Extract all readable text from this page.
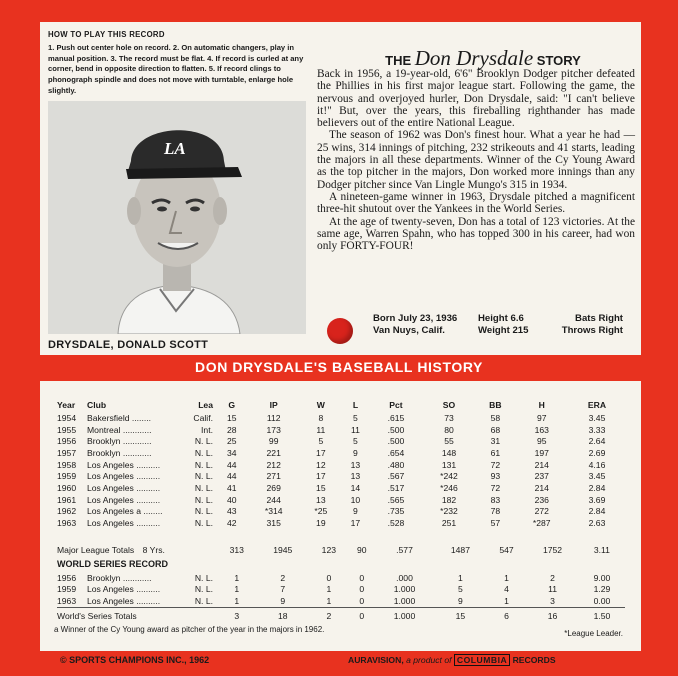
HOW TO PLAY THIS RECORD
1. Push out center hole on record. 2. On automatic changers, play in manual position. 3. The record must be flat. 4. If record is curled at any corner, bend in opposite direction to flatten. 5. If record clings to phonograph spindle and does not move with turntable, enlarge hole slightly.
LA
DRYSDALE, DONALD SCOTT
THE Don Drysdale STORY

Back in 1956, a 19-year-old, 6'6" Brooklyn Dodger pitcher defeated the Phillies in his first major league start. Following the game, the nervous and overjoyed hurler, Don Drysdale, said: "I can't believe it!" But, over the years, this fireballing righthander has made believers out of the entire National League.

The season of 1962 was Don's finest hour. What a year he had — 25 wins, 314 innings of pitching, 232 strikeouts and 41 starts, leading the majors in all these departments. Winner of the Cy Young Award as the top pitcher in the majors, Don worked more innings than any Dodger pitcher since Van Lingle Mungo's 315 in 1934.

A nineteen-game winner in 1963, Drysdale pitched a magnificent three-hit shutout over the Yankees in the World Series.

At the age of twenty-seven, Don has a total of 123 victories. At the same age, Warren Spahn, who has topped 300 in his career, had won only FORTY-FOUR!

Born July 23, 1936
Van Nuys, Calif.
Height 6.6
Weight 215
Bats Right
Throws Right
DON DRYSDALE'S BASEBALL HISTORY
Year	Club Lea	G	IP	W	L	Pct	SO	BB	H	ERA
1954	Bakersfield ........ Calif.	15	112	8	5	.615	73	58	97	3.45
1955	Montreal ............ Int.	28	173	11	11	.500	80	68	163	3.33
1956	Brooklyn ............ N. L.	25	99	5	5	.500	55	31	95	2.64
1957	Brooklyn ............ N. L.	34	221	17	9	.654	148	61	197	2.69
1958	Los Angeles .......... N. L.	44	212	12	13	.480	131	72	214	4.16
1959	Los Angeles .......... N. L.	44	271	17	13	.567	*242	93	237	3.45
1960	Los Angeles .......... N. L.	41	269	15	14	.517	*246	72	214	2.84
1961	Los Angeles .......... N. L.	40	244	13	10	.565	182	83	236	3.69
1962	Los Angeles a ........ N. L.	43	*314	*25	9	.735	*232	78	272	2.84
1963	Los Angeles .......... N. L.	42	315	19	17	.528	251	57	*287	2.63
Major League Totals 8 Yrs.		313	1945	123	90	.577	1487	547	1752	3.11
WORLD SERIES RECORD										
1956	Brooklyn ............ N. L.	1	2	0	0	.000	1	1	2	9.00
1959	Los Angeles .......... N. L.	1	7	1	0	1.000	5	4	11	1.29
1963	Los Angeles .......... N. L.	1	9	1	0	1.000	9	1	3	0.00
World's Series Totals		3	18	2	0	1.000	15	6	16	1.50
a Winner of the Cy Young award as pitcher of the year in the majors in 1962.	*League Leader.
© SPORTS CHAMPIONS INC., 1962	AURAVISION, a product of COLUMBIA RECORDS
